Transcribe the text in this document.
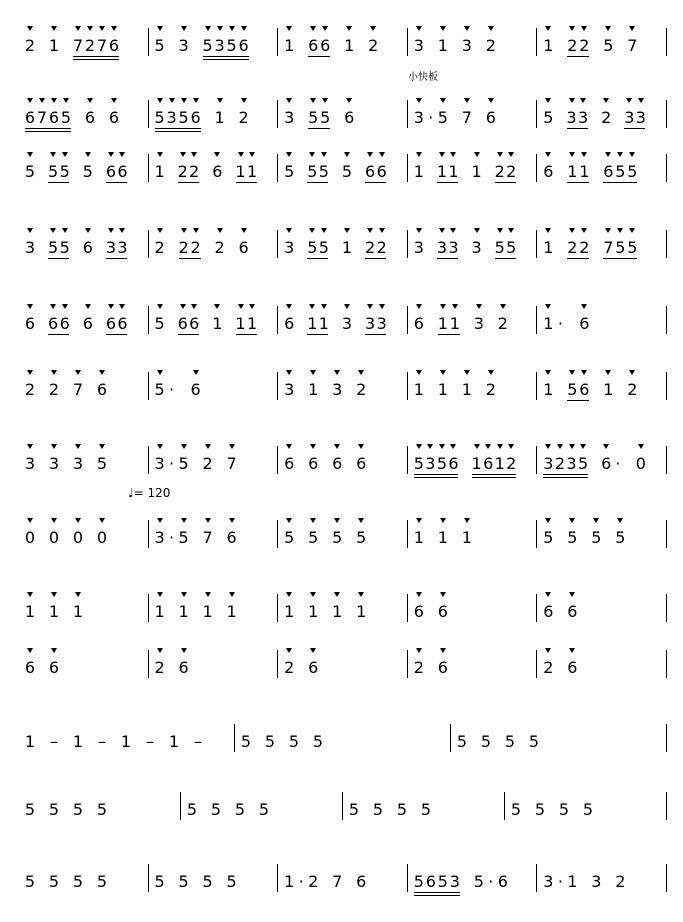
小快板
♩= 120
2 1 7 2 7 6 5 3 5 3 5 6 1 6 6 1 2 3 1 3 2	1 2 2 5 7
6 7 6 5 6 6 5 3 5 6 1 2 3 5 5 6	3 · 5 7 6	5 3 3 2 3 3
5 5 5 5 6 6 1 2 2 6 1 1 5 5 5 5 6 6 1 1 1 1 2 2 6 1 1 6 5 5
3 5 5 6 3 3 2 2 2 2 6 3 5 5 1 2 2 3 3 3 3 5 5 1 2 2 7 5 5
6 6 6 6 6 6 5 6 6 1 1 1 6 1 1 3 3 3 6 1 1 3 2 1 · 6
2 2 7 6	5 · 6	3 1 3 2	1 1 1 2	1 5 6 1 2
3 3 3 5	3 · 5 2 7	6 6 6 6	5 3 5 6 1 6 1 2 3 2 3 5 6 · 0
0 0 0 0	3 · 5 7 6	5 5 5 5	1 1 1	5 5 5 5
1 1 1	1 1 1 1	1 1 1 1	6 6	6 6
6 6	2 6	2 6	2 6	2 6
1 – 1 – 1 – 1 – 5 5 5 5	5 5 5 5
5 5 5 5	5 5 5 5	5 5 5 5	5 5 5 5
5 5 5 5	5 5 5 5	1 · 2 7 6	5 6 5 3 5 · 6 3 · 1 3 2
